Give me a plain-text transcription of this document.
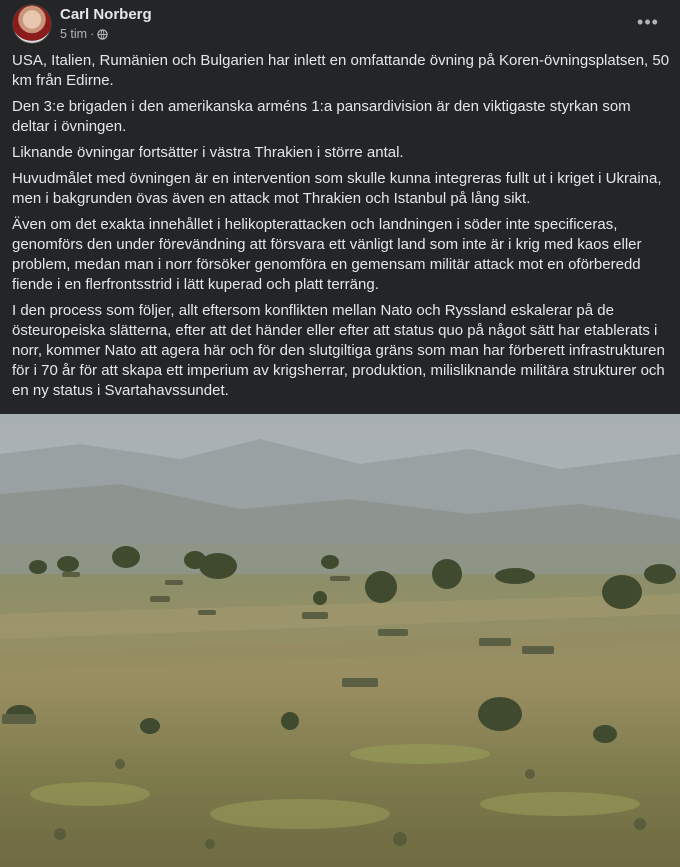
Carl Norberg
5 tim ·
•••

USA, Italien, Rumänien och Bulgarien har inlett en omfattande övning på Koren-övningsplatsen, 50 km från Edirne.

Den 3:e brigaden i den amerikanska arméns 1:a pansardivision är den viktigaste styrkan som deltar i övningen.

Liknande övningar fortsätter i västra Thrakien i större antal.

Huvudmålet med övningen är en intervention som skulle kunna integreras fullt ut i kriget i Ukraina, men i bakgrunden övas även en attack mot Thrakien och Istanbul på lång sikt.

Även om det exakta innehållet i helikopterattacken och landningen i söder inte specificeras, genomförs den under förevändning att försvara ett vänligt land som inte är i krig med kaos eller problem, medan man i norr försöker genomföra en gemensam militär attack mot en oförberedd fiende i en flerfrontsstrid i lätt kuperad och platt terräng.

I den process som följer, allt eftersom konflikten mellan Nato och Ryssland eskalerar på de östeuropeiska slätterna, efter att det händer eller efter att status quo på något sätt har etablerats i norr, kommer Nato att agera här och för den slutgiltiga gräns som man har förberett infrastrukturen för i 70 år för att skapa ett imperium av krigsherrar, produktion, milisliknande militära strukturer och en ny status i Svartahavssundet.
